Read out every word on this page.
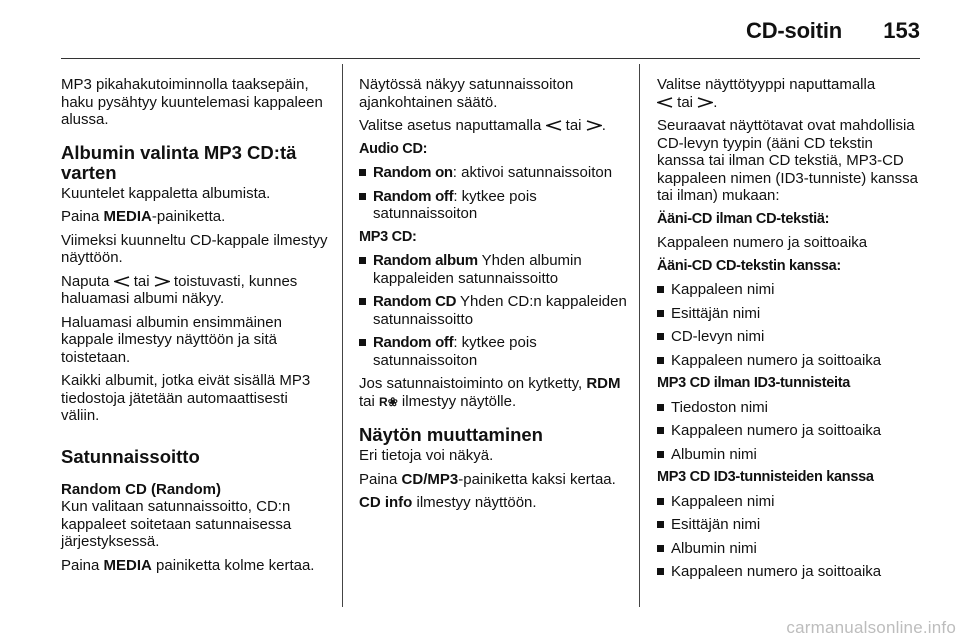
CD-soitin 153

MP3 pikahakutoiminnolla taaksepäin, haku pysähtyy kuuntelemasi kappaleen alussa.

Albumin valinta MP3 CD:tä varten

Kuuntelet kappaletta albumista.

Paina MEDIA-painiketta.

Viimeksi kuunneltu CD-kappale ilmestyy näyttöön.

Naputa  tai  toistuvasti, kunnes haluamasi albumi näkyy.

Haluamasi albumin ensimmäinen kappale ilmestyy näyttöön ja sitä toistetaan.

Kaikki albumit, jotka eivät sisällä MP3 tiedostoja jätetään automaattisesti väliin.

Satunnaissoitto
Random CD (Random)

Kun valitaan satunnaissoitto, CD:n kappaleet soitetaan satunnaisessa järjestyksessä.

Paina MEDIA painiketta kolme kertaa.

Näytössä näkyy satunnaissoiton ajankohtainen säätö.

Valitse asetus naputtamalla  tai .

Audio CD:

Random on: aktivoi satunnaissoiton
Random off: kytkee pois satunnaissoiton

MP3 CD:

Random album Yhden albumin kappaleiden satunnaissoitto
Random CD Yhden CD:n kappaleiden satunnaissoitto
Random off: kytkee pois satunnaissoiton

Jos satunnaistoiminto on kytketty, RDM tai R❀ ilmestyy näytölle.

Näytön muuttaminen

Eri tietoja voi näkyä.

Paina CD/MP3-painiketta kaksi kertaa.

CD info ilmestyy näyttöön.

Valitse näyttötyyppi naputtamalla
tai .

Seuraavat näyttötavat ovat mahdollisia CD-levyn tyypin (ääni CD tekstin kanssa tai ilman CD tekstiä, MP3-CD kappaleen nimen (ID3-tunniste) kanssa tai ilman) mukaan:

Ääni-CD ilman CD-tekstiä:

Kappaleen numero ja soittoaika

Ääni-CD CD-tekstin kanssa:

Kappaleen nimi
Esittäjän nimi
CD-levyn nimi
Kappaleen numero ja soittoaika

MP3 CD ilman ID3-tunnisteita

Tiedoston nimi
Kappaleen numero ja soittoaika
Albumin nimi

MP3 CD ID3-tunnisteiden kanssa

Kappaleen nimi
Esittäjän nimi
Albumin nimi
Kappaleen numero ja soittoaika
carmanualsonline.info
